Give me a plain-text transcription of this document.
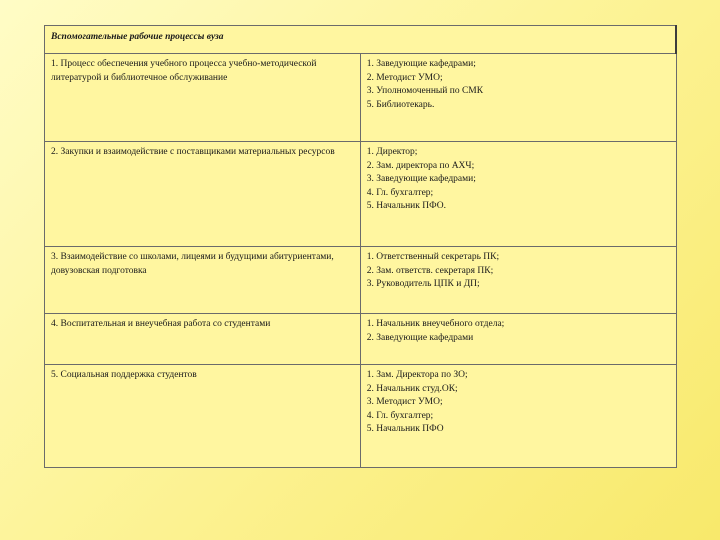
Вспомогательные рабочие процессы вуза	
1. Процесс обеспечения учебного процесса учебно-методической литературой и библиотечное обслуживание	1. Заведующие кафедрами;
2. Методист УМО;
3. Уполномоченный по СМК
5. Библиотекарь.

2. Закупки и взаимодействие с поставщиками материальных ресурсов	1. Директор;
2. Зам. директора по АХЧ;
3. Заведующие кафедрами;
4. Гл. бухгалтер;
5. Начальник ПФО.

3. Взаимодействие со школами, лицеями и будущими абитуриентами, довузовская подготовка	1. Ответственный секретарь ПК;
2. Зам. ответств. секретаря ПК;
3. Руководитель ЦПК и ДП;

4. Воспитательная и внеучебная работа со студентами	1. Начальник внеучебного отдела;
2. Заведующие кафедрами

5. Социальная поддержка студентов	1. Зам. Директора по ЗО;
2. Начальник студ.ОК;
3. Методист УМО;
4. Гл. бухгалтер;
5. Начальник ПФО
